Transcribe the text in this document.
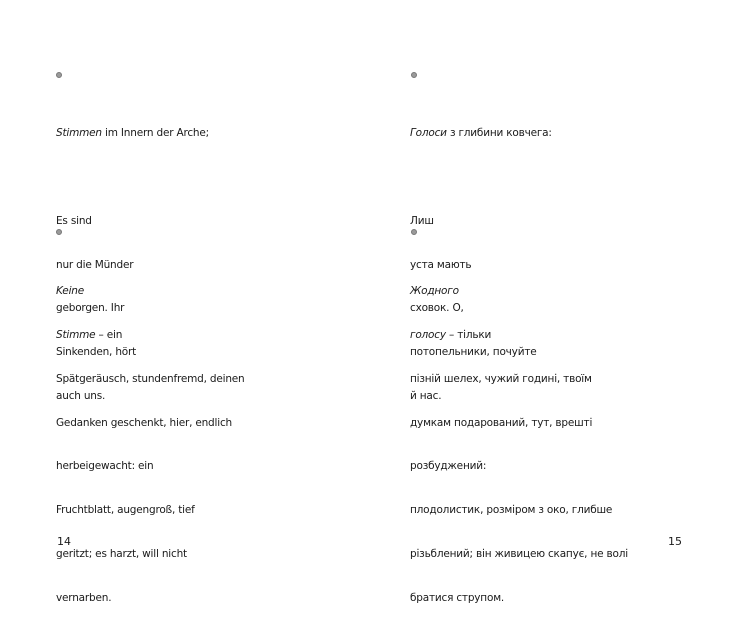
Stimmen im Innern der Arche;

Es sind

nur die Münder

geborgen. Ihr

Sinkenden, hört

auch uns.

Keine

Stimme – ein

Spätgeräusch, stundenfremd, deinen

Gedanken geschenkt, hier, endlich

herbeigewacht: ein

Fruchtblatt, augengroß, tief

geritzt; es harzt, will nicht

vernarben.

14

Голоси з глибини ковчега:

Лиш

уста мають

сховок. О,

потопельники, почуйте

й нас.

Жодного

голосу – тільки

пізній шелех, чужий годині, твоїм

думкам подарований, тут, врешті

розбуджений:

плодолистик, розміром з око, глибше

різьблений; він живицею скапує, не волі

братися струпом.

15
